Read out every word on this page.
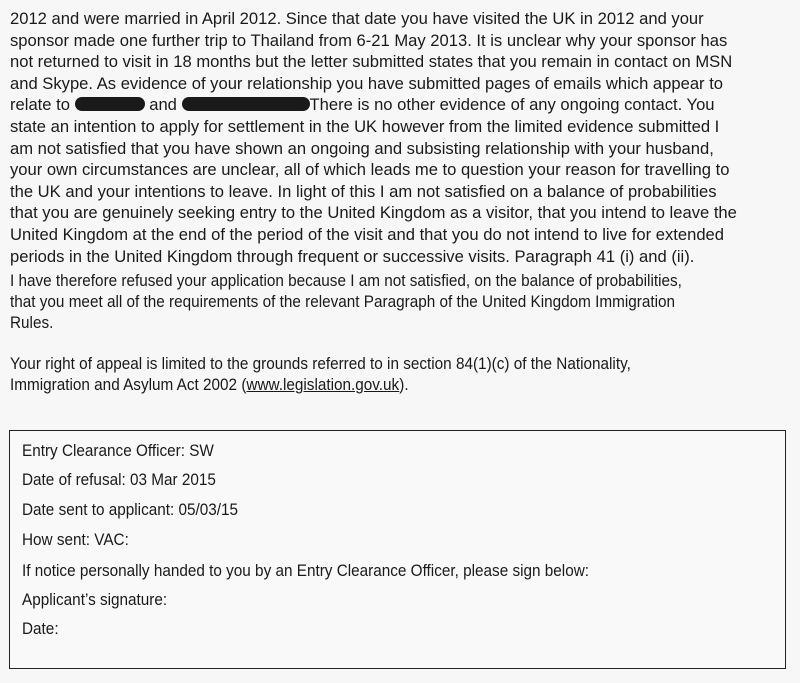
2012 and were married in April 2012. Since that date you have visited the UK in 2012 and your
sponsor made one further trip to Thailand from 6-21 May 2013. It is unclear why your sponsor has
not returned to visit in 18 months but the letter submitted states that you remain in contact on MSN
and Skype. As evidence of your relationship you have submitted pages of emails which appear to
relate to	and	There is no other evidence of any ongoing contact. You
state an intention to apply for settlement in the UK however from the limited evidence submitted I
am not satisfied that you have shown an ongoing and subsisting relationship with your husband,
your own circumstances are unclear, all of which leads me to question your reason for travelling to
the UK and your intentions to leave. In light of this I am not satisfied on a balance of probabilities
that you are genuinely seeking entry to the United Kingdom as a visitor, that you intend to leave the
United Kingdom at the end of the period of the visit and that you do not intend to live for extended
periods in the United Kingdom through frequent or successive visits. Paragraph 41 (i) and (ii).
I have therefore refused your application because I am not satisfied, on the balance of probabilities,
that you meet all of the requirements of the relevant Paragraph of the United Kingdom Immigration
Rules.
Your right of appeal is limited to the grounds referred to in section 84(1)(c) of the Nationality,
Immigration and Asylum Act 2002 (www.legislation.gov.uk).
Entry Clearance Officer: SW
Date of refusal: 03 Mar 2015
Date sent to applicant: 05/03/15
How sent: VAC:
If notice personally handed to you by an Entry Clearance Officer, please sign below:
Applicant’s signature:
Date:
